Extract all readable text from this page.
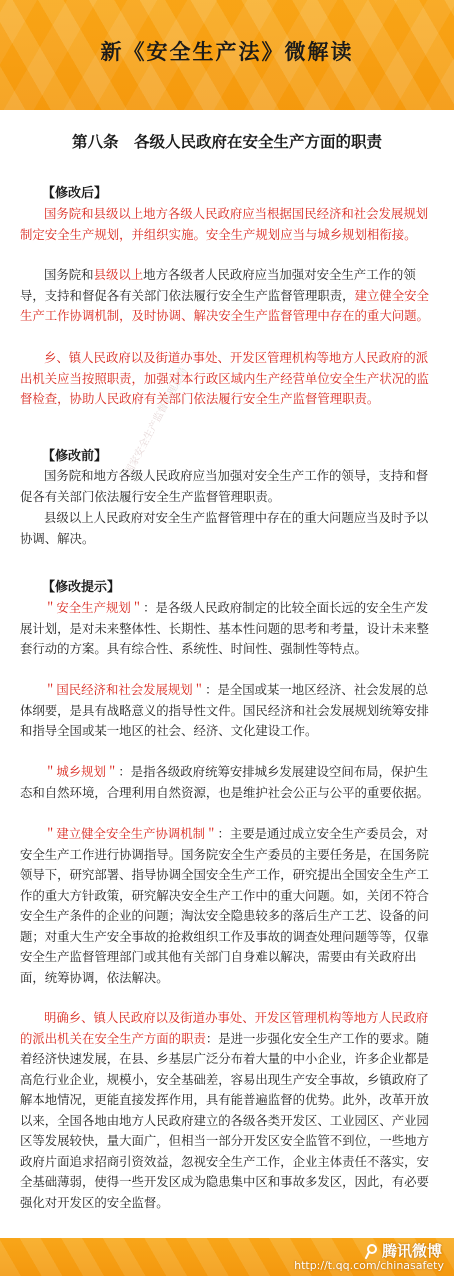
新《安全生产法》微解读
第八条　各级人民政府在安全生产方面的职责
【修改后】
国务院和县级以上地方各级人民政府应当根据国民经济和社会发展规划制定安全生产规划，并组织实施。安全生产规划应当与城乡规划相衔接。
国务院和县级以上地方各级者人民政府应当加强对安全生产工作的领导，支持和督促各有关部门依法履行安全生产监督管理职责，建立健全安全生产工作协调机制，及时协调、解决安全生产监督管理中存在的重大问题。
乡、镇人民政府以及街道办事处、开发区管理机构等地方人民政府的派出机关应当按照职责，加强对本行政区域内生产经营单位安全生产状况的监督检查，协助人民政府有关部门依法履行安全生产监督管理职责。
【修改前】
国务院和地方各级人民政府应当加强对安全生产工作的领导，支持和督促各有关部门依法履行安全生产监督管理职责。
县级以上人民政府对安全生产监督管理中存在的重大问题应当及时予以协调、解决。
【修改提示】
＂安全生产规划＂：是各级人民政府制定的比较全面长远的安全生产发展计划，是对未来整体性、长期性、基本性问题的思考和考量，设计未来整套行动的方案。具有综合性、系统性、时间性、强制性等特点。
＂国民经济和社会发展规划＂：是全国或某一地区经济、社会发展的总体纲要，是具有战略意义的指导性文件。国民经济和社会发展规划统筹安排和指导全国或某一地区的社会、经济、文化建设工作。
＂城乡规划＂：是指各级政府统筹安排城乡发展建设空间布局，保护生态和自然环境，合理利用自然资源，也是维护社会公正与公平的重要依据。
＂建立健全安全生产协调机制＂：主要是通过成立安全生产委员会，对安全生产工作进行协调指导。国务院安全生产委员的主要任务是，在国务院领导下，研究部署、指导协调全国安全生产工作，研究提出全国安全生产工作的重大方针政策，研究解决安全生产工作中的重大问题。如，关闭不符合安全生产条件的企业的问题；淘汰安全隐患较多的落后生产工艺、设备的问题；对重大生产安全事故的抢救组织工作及事故的调查处理问题等等，仅靠安全生产监督管理部门或其他有关部门自身难以解决，需要由有关政府出面，统筹协调，依法解决。
明确乡、镇人民政府以及街道办事处、开发区管理机构等地方人民政府的派出机关在安全生产方面的职责：是进一步强化安全生产工作的要求。随着经济快速发展，在县、乡基层广泛分布着大量的中小企业，许多企业都是高危行业企业，规模小，安全基础差，容易出现生产安全事故，乡镇政府了解本地情况，更能直接发挥作用，具有能普遍监督的优势。此外，改革开放以来，全国各地由地方人民政府建立的各级各类开发区、工业园区、产业园区等发展较快，量大面广，但相当一部分开发区安全监管不到位，一些地方政府片面追求招商引资效益，忽视安全生产工作，企业主体责任不落实，安全基础薄弱，使得一些开发区成为隐患集中区和事故多发区，因此，有必要强化对开发区的安全监督。
国家安全生产监督管理总局
腾讯微博
http://t.qq.com/chinasafety
